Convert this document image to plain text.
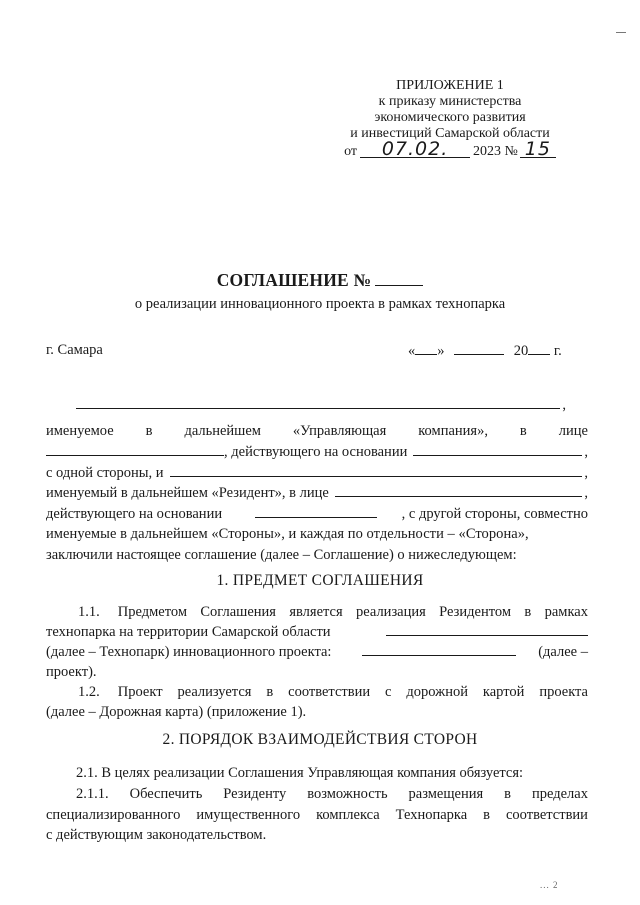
ПРИЛОЖЕНИЕ 1
к приказу министерства
экономического развития
и инвестиций Самарской области
от	07.02.	2023 № 15
СОГЛАШЕНИЕ №
о реализации инновационного проекта в рамках технопарка
г. Самара	« »	20 г.
,
именуемое в дальнейшем «Управляющая компания», в лице
, действующего на основании	,
с одной стороны, и	,
именуемый в дальнейшем «Резидент», в лице	,
действующего на основании	, с другой стороны, совместно
именуемые в дальнейшем «Стороны», и каждая по отдельности – «Сторона»,
заключили настоящее соглашение (далее – Соглашение) о нижеследующем:
1. ПРЕДМЕТ СОГЛАШЕНИЯ
1.1. Предметом Соглашения является реализация Резидентом в рамках
технопарка на территории Самарской области
(далее – Технопарк) инновационного проекта:	(далее –
проект).
1.2. Проект реализуется в соответствии с дорожной картой проекта
(далее – Дорожная карта) (приложение 1).
2. ПОРЯДОК ВЗАИМОДЕЙСТВИЯ СТОРОН
2.1. В целях реализации Соглашения Управляющая компания обязуется:
2.1.1. Обеспечить Резиденту возможность размещения в пределах
специализированного имущественного комплекса Технопарка в соответствии
с действующим законодательством.
... 2
